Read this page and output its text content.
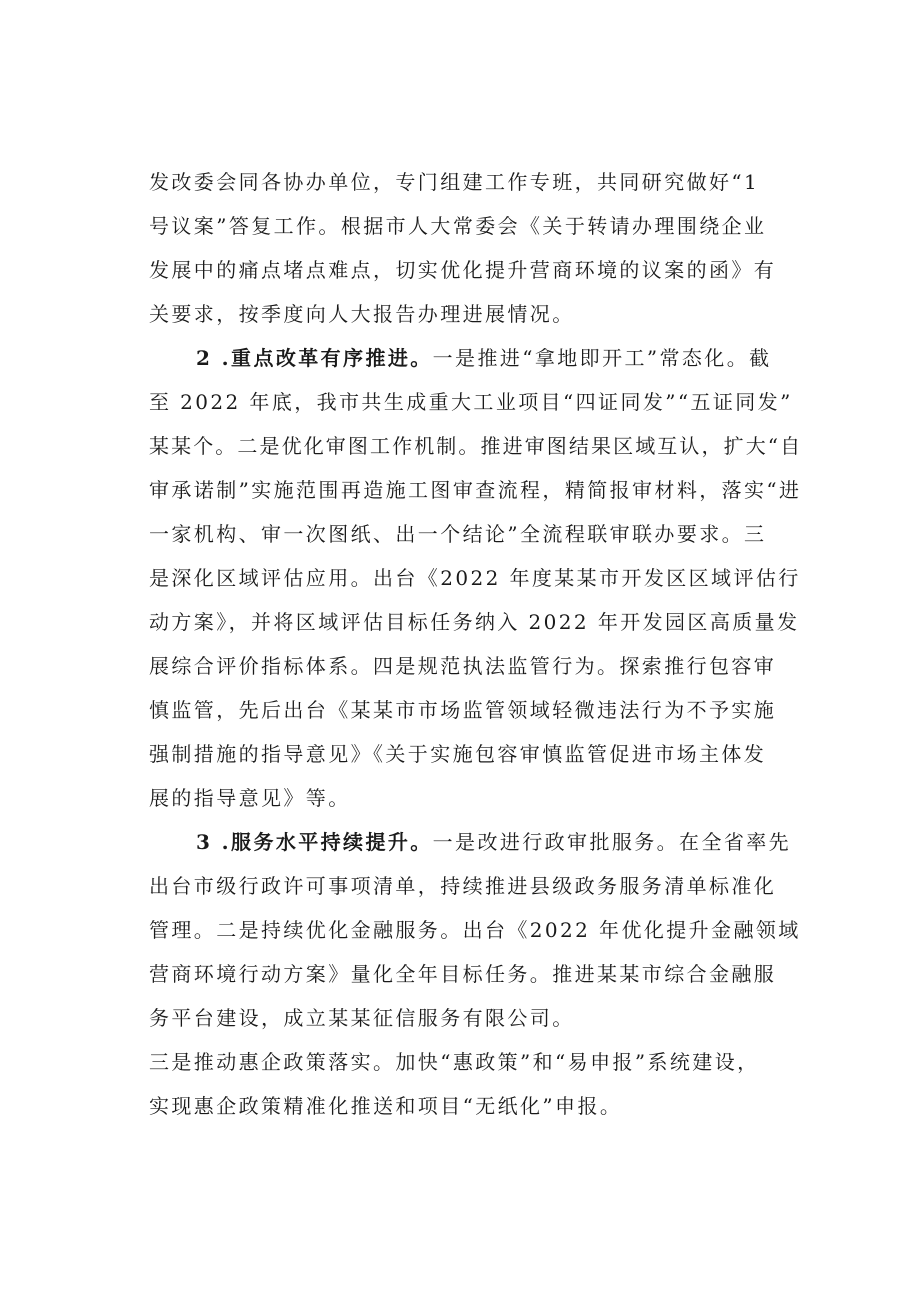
发改委会同各协办单位，专门组建工作专班，共同研究做好“1
号议案”答复工作。根据市人大常委会《关于转请办理围绕企业
发展中的痛点堵点难点，切实优化提升营商环境的议案的函》有
关要求，按季度向人大报告办理进展情况。
2 .重点改革有序推进。一是推进“拿地即开工”常态化。截
至 2022 年底，我市共生成重大工业项目“四证同发”“五证同发”
某某个。二是优化审图工作机制。推进审图结果区域互认，扩大“自
审承诺制”实施范围再造施工图审查流程，精简报审材料，落实“进
一家机构、审一次图纸、出一个结论”全流程联审联办要求。三
是深化区域评估应用。出台《2022 年度某某市开发区区域评估行
动方案》，并将区域评估目标任务纳入 2022 年开发园区高质量发
展综合评价指标体系。四是规范执法监管行为。探索推行包容审
慎监管，先后出台《某某市市场监管领域轻微违法行为不予实施
强制措施的指导意见》《关于实施包容审慎监管促进市场主体发
展的指导意见》等。
3 .服务水平持续提升。一是改进行政审批服务。在全省率先
出台市级行政许可事项清单，持续推进县级政务服务清单标准化
管理。二是持续优化金融服务。出台《2022 年优化提升金融领域
营商环境行动方案》量化全年目标任务。推进某某市综合金融服
务平台建设，成立某某征信服务有限公司。
三是推动惠企政策落实。加快“惠政策”和“易申报”系统建设，
实现惠企政策精准化推送和项目“无纸化”申报。
